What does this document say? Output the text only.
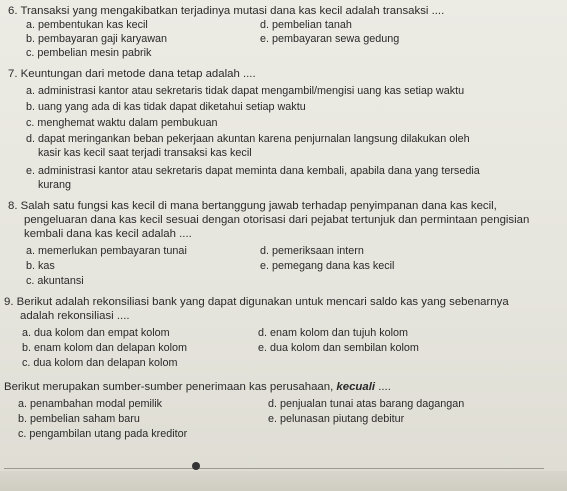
6. Transaksi yang mengakibatkan terjadinya mutasi dana kas kecil adalah transaksi ....
a. pembentukan kas kecil
b. pembayaran gaji karyawan
c. pembelian mesin pabrik
d. pembelian tanah
e. pembayaran sewa gedung
7. Keuntungan dari metode dana tetap adalah ....
a. administrasi kantor atau sekretaris tidak dapat mengambil/mengisi uang kas setiap waktu
b. uang yang ada di kas tidak dapat diketahui setiap waktu
c. menghemat waktu dalam pembukuan
d. dapat meringankan beban pekerjaan akuntan karena penjurnalan langsung dilakukan oleh
kasir kas kecil saat terjadi transaksi kas kecil
e. administrasi kantor atau sekretaris dapat meminta dana kembali, apabila dana yang tersedia
kurang
8. Salah satu fungsi kas kecil di mana bertanggung jawab terhadap penyimpanan dana kas kecil,
pengeluaran dana kas kecil sesuai dengan otorisasi dari pejabat tertunjuk dan permintaan pengisian
kembali dana kas kecil adalah ....
a. memerlukan pembayaran tunai
b. kas
c. akuntansi
d. pemeriksaan intern
e. pemegang dana kas kecil
9. Berikut adalah rekonsiliasi bank yang dapat digunakan untuk mencari saldo kas yang sebenarnya
adalah rekonsiliasi ....
a. dua kolom dan empat kolom
b. enam kolom dan delapan kolom
c. dua kolom dan delapan kolom
d. enam kolom dan tujuh kolom
e. dua kolom dan sembilan kolom
Berikut merupakan sumber-sumber penerimaan kas perusahaan, kecuali ....
a. penambahan modal pemilik
b. pembelian saham baru
c. pengambilan utang pada kreditor
d. penjualan tunai atas barang dagangan
e. pelunasan piutang debitur
